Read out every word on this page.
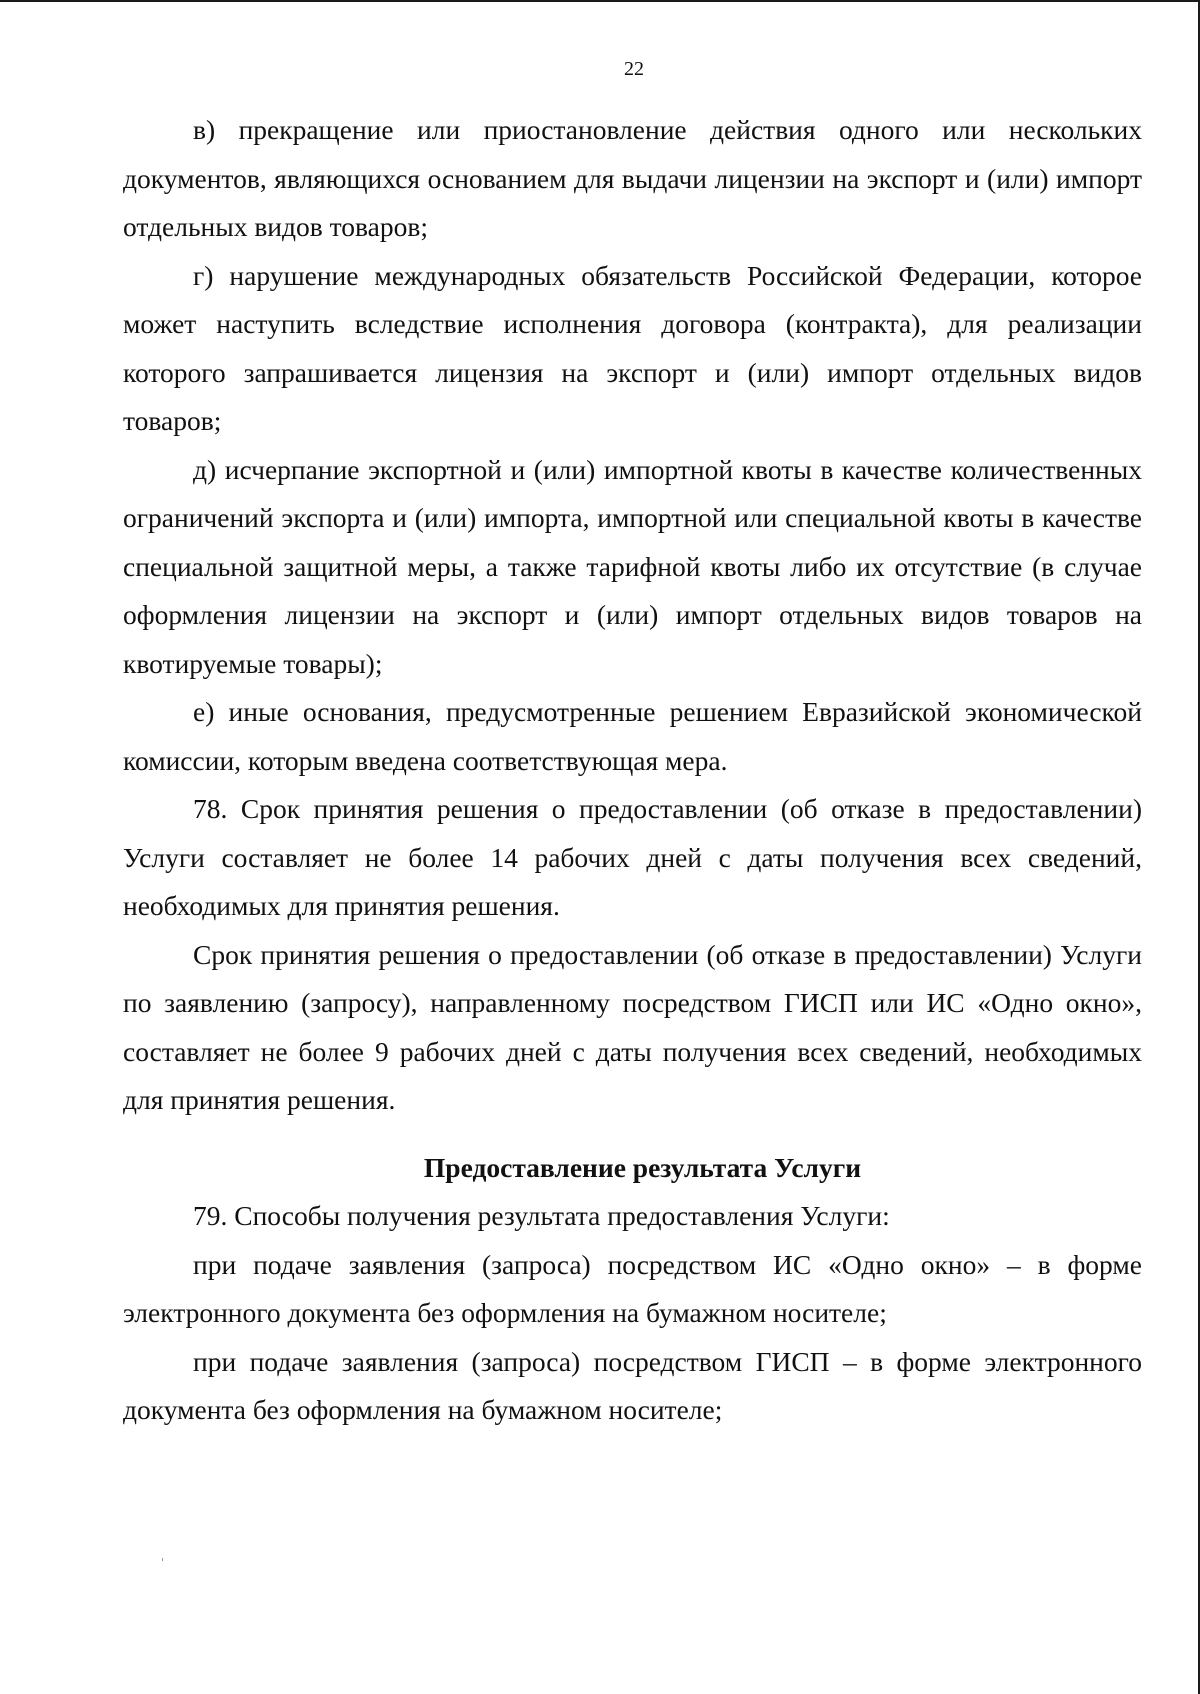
22

в) прекращение или приостановление действия одного или нескольких документов, являющихся основанием для выдачи лицензии на экспорт и (или) импорт отдельных видов товаров;

г) нарушение международных обязательств Российской Федерации, которое может наступить вследствие исполнения договора (контракта), для реализации которого запрашивается лицензия на экспорт и (или) импорт отдельных видов товаров;

д) исчерпание экспортной и (или) импортной квоты в качестве количественных ограничений экспорта и (или) импорта, импортной или специальной квоты в качестве специальной защитной меры, а также тарифной квоты либо их отсутствие (в случае оформления лицензии на экспорт и (или) импорт отдельных видов товаров на квотируемые товары);

е) иные основания, предусмотренные решением Евразийской экономической комиссии, которым введена соответствующая мера.

78. Срок принятия решения о предоставлении (об отказе в предоставлении) Услуги составляет не более 14 рабочих дней с даты получения всех сведений, необходимых для принятия решения.

Срок принятия решения о предоставлении (об отказе в предоставлении) Услуги по заявлению (запросу), направленному посредством ГИСП или ИС «Одно окно», составляет не более 9 рабочих дней с даты получения всех сведений, необходимых для принятия решения.

Предоставление результата Услуги

79. Способы получения результата предоставления Услуги:

при подаче заявления (запроса) посредством ИС «Одно окно» – в форме электронного документа без оформления на бумажном носителе;

при подаче заявления (запроса) посредством ГИСП – в форме электронного документа без оформления на бумажном носителе;
